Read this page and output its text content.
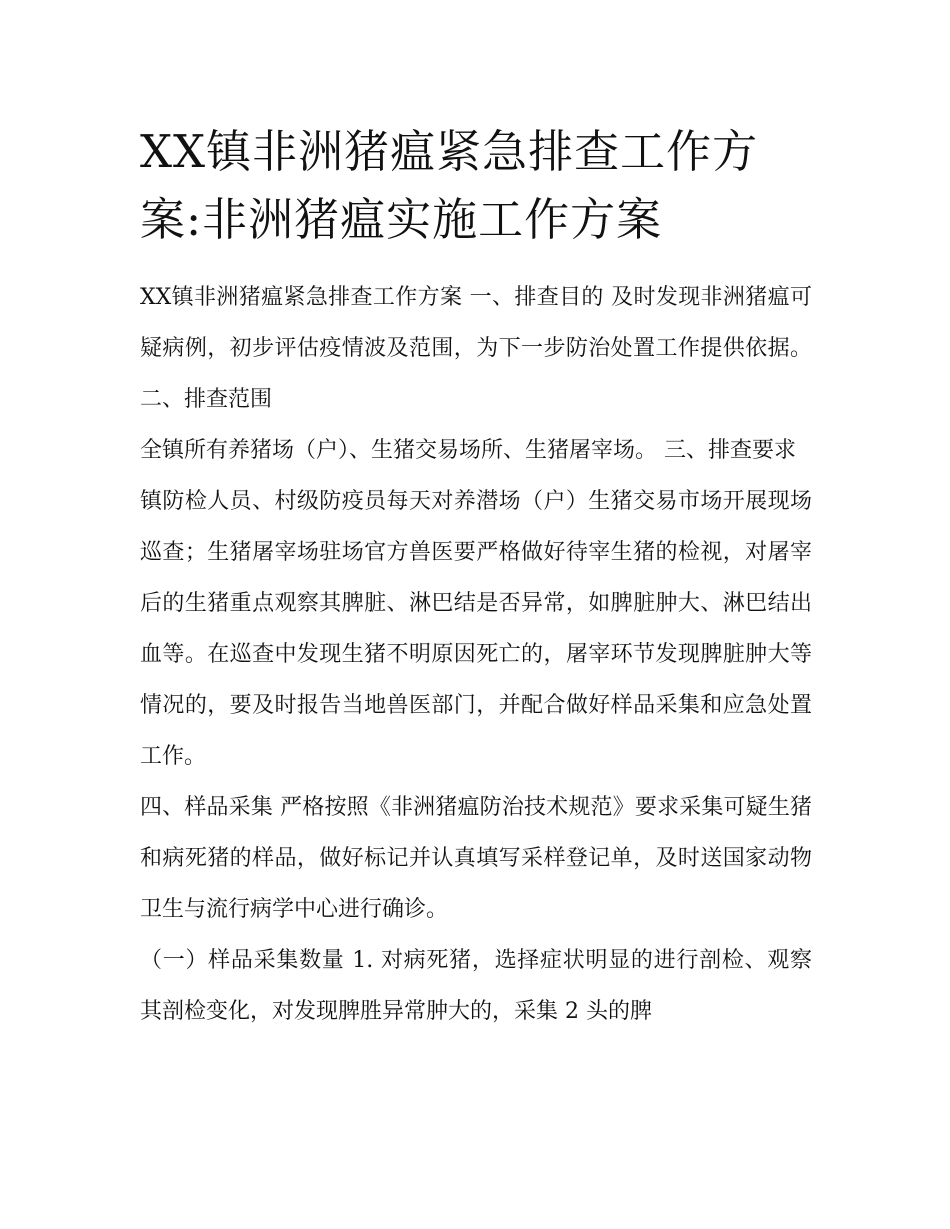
XX镇非洲猪瘟紧急排查工作方案:非洲猪瘟实施工作方案

XX镇非洲猪瘟紧急排查工作方案 一、排查目的 及时发现非洲猪瘟可疑病例，初步评估疫情波及范围，为下一步防治处置工作提供依据。 二、排查范围

全镇所有养猪场（户）、生猪交易场所、生猪屠宰场。 三、排查要求

镇防检人员、村级防疫员每天对养潜场（户）生猪交易市场开展现场巡查；生猪屠宰场驻场官方兽医要严格做好待宰生猪的检视，对屠宰后的生猪重点观察其脾脏、淋巴结是否异常，如脾脏肿大、淋巴结出血等。在巡查中发现生猪不明原因死亡的，屠宰环节发现脾脏肿大等情况的，要及时报告当地兽医部门，并配合做好样品采集和应急处置工作。

四、样品采集 严格按照《非洲猪瘟防治技术规范》要求采集可疑生猪和病死猪的样品，做好标记并认真填写采样登记单，及时送国家动物卫生与流行病学中心进行确诊。

（一）样品采集数量 1. 对病死猪，选择症状明显的进行剖检、观察其剖检变化，对发现脾胜异常肿大的，采集 2 头的脾
